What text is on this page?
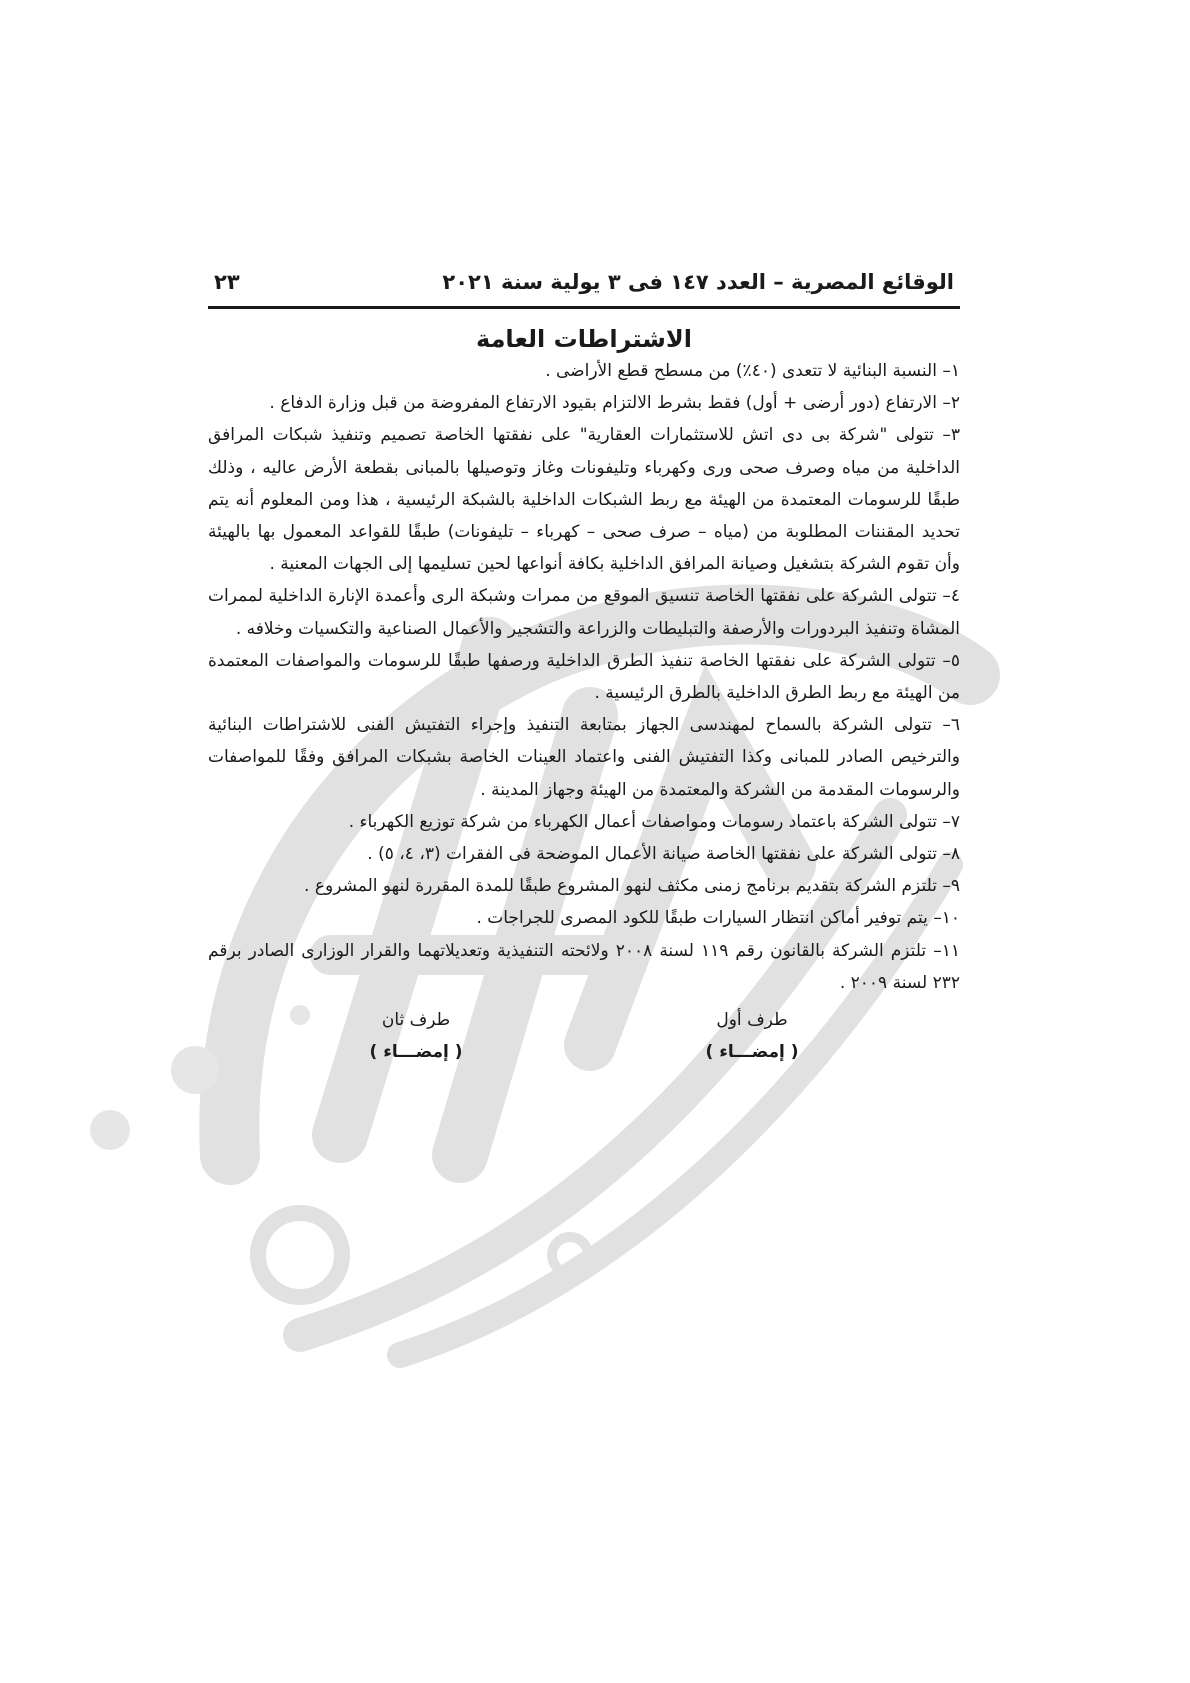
الوقائع المصرية – العدد ١٤٧ فى ٣ يولية سنة ٢٠٢١
٢٣
الاشتراطات العامة

١– النسبة البنائية لا تتعدى (٤٠٪) من مسطح قطع الأراضى .

٢– الارتفاع (دور أرضى + أول) فقط بشرط الالتزام بقيود الارتفاع المفروضة من قبل وزارة الدفاع .

٣– تتولى "شركة بى دى اتش للاستثمارات العقارية" على نفقتها الخاصة تصميم وتنفيذ شبكات المرافق الداخلية من مياه وصرف صحى ورى وكهرباء وتليفونات وغاز وتوصيلها بالمبانى بقطعة الأرض عاليه ، وذلك طبقًا للرسومات المعتمدة من الهيئة مع ربط الشبكات الداخلية بالشبكة الرئيسية ، هذا ومن المعلوم أنه يتم تحديد المقننات المطلوبة من (مياه – صرف صحى – كهرباء – تليفونات) طبقًا للقواعد المعمول بها بالهيئة وأن تقوم الشركة بتشغيل وصيانة المرافق الداخلية بكافة أنواعها لحين تسليمها إلى الجهات المعنية .

٤– تتولى الشركة على نفقتها الخاصة تنسيق الموقع من ممرات وشبكة الرى وأعمدة الإنارة الداخلية لممرات المشاة وتنفيذ البردورات والأرصفة والتبليطات والزراعة والتشجير والأعمال الصناعية والتكسيات وخلافه .

٥– تتولى الشركة على نفقتها الخاصة تنفيذ الطرق الداخلية ورصفها طبقًا للرسومات والمواصفات المعتمدة من الهيئة مع ربط الطرق الداخلية بالطرق الرئيسية .

٦– تتولى الشركة بالسماح لمهندسى الجهاز بمتابعة التنفيذ وإجراء التفتيش الفنى للاشتراطات البنائية والترخيص الصادر للمبانى وكذا التفتيش الفنى واعتماد العينات الخاصة بشبكات المرافق وفقًا للمواصفات والرسومات المقدمة من الشركة والمعتمدة من الهيئة وجهاز المدينة .

٧– تتولى الشركة باعتماد رسومات ومواصفات أعمال الكهرباء من شركة توزيع الكهرباء .

٨– تتولى الشركة على نفقتها الخاصة صيانة الأعمال الموضحة فى الفقرات (٣، ٤، ٥) .

٩– تلتزم الشركة بتقديم برنامج زمنى مكثف لنهو المشروع طبقًا للمدة المقررة لنهو المشروع .

١٠– يتم توفير أماكن انتظار السيارات طبقًا للكود المصرى للجراجات .

١١– تلتزم الشركة بالقانون رقم ١١٩ لسنة ٢٠٠٨ ولائحته التنفيذية وتعديلاتهما والقرار الوزارى الصادر برقم ٢٣٢ لسنة ٢٠٠٩ .

طرف أول
( إمضـــاء )
طرف ثان
( إمضـــاء )
